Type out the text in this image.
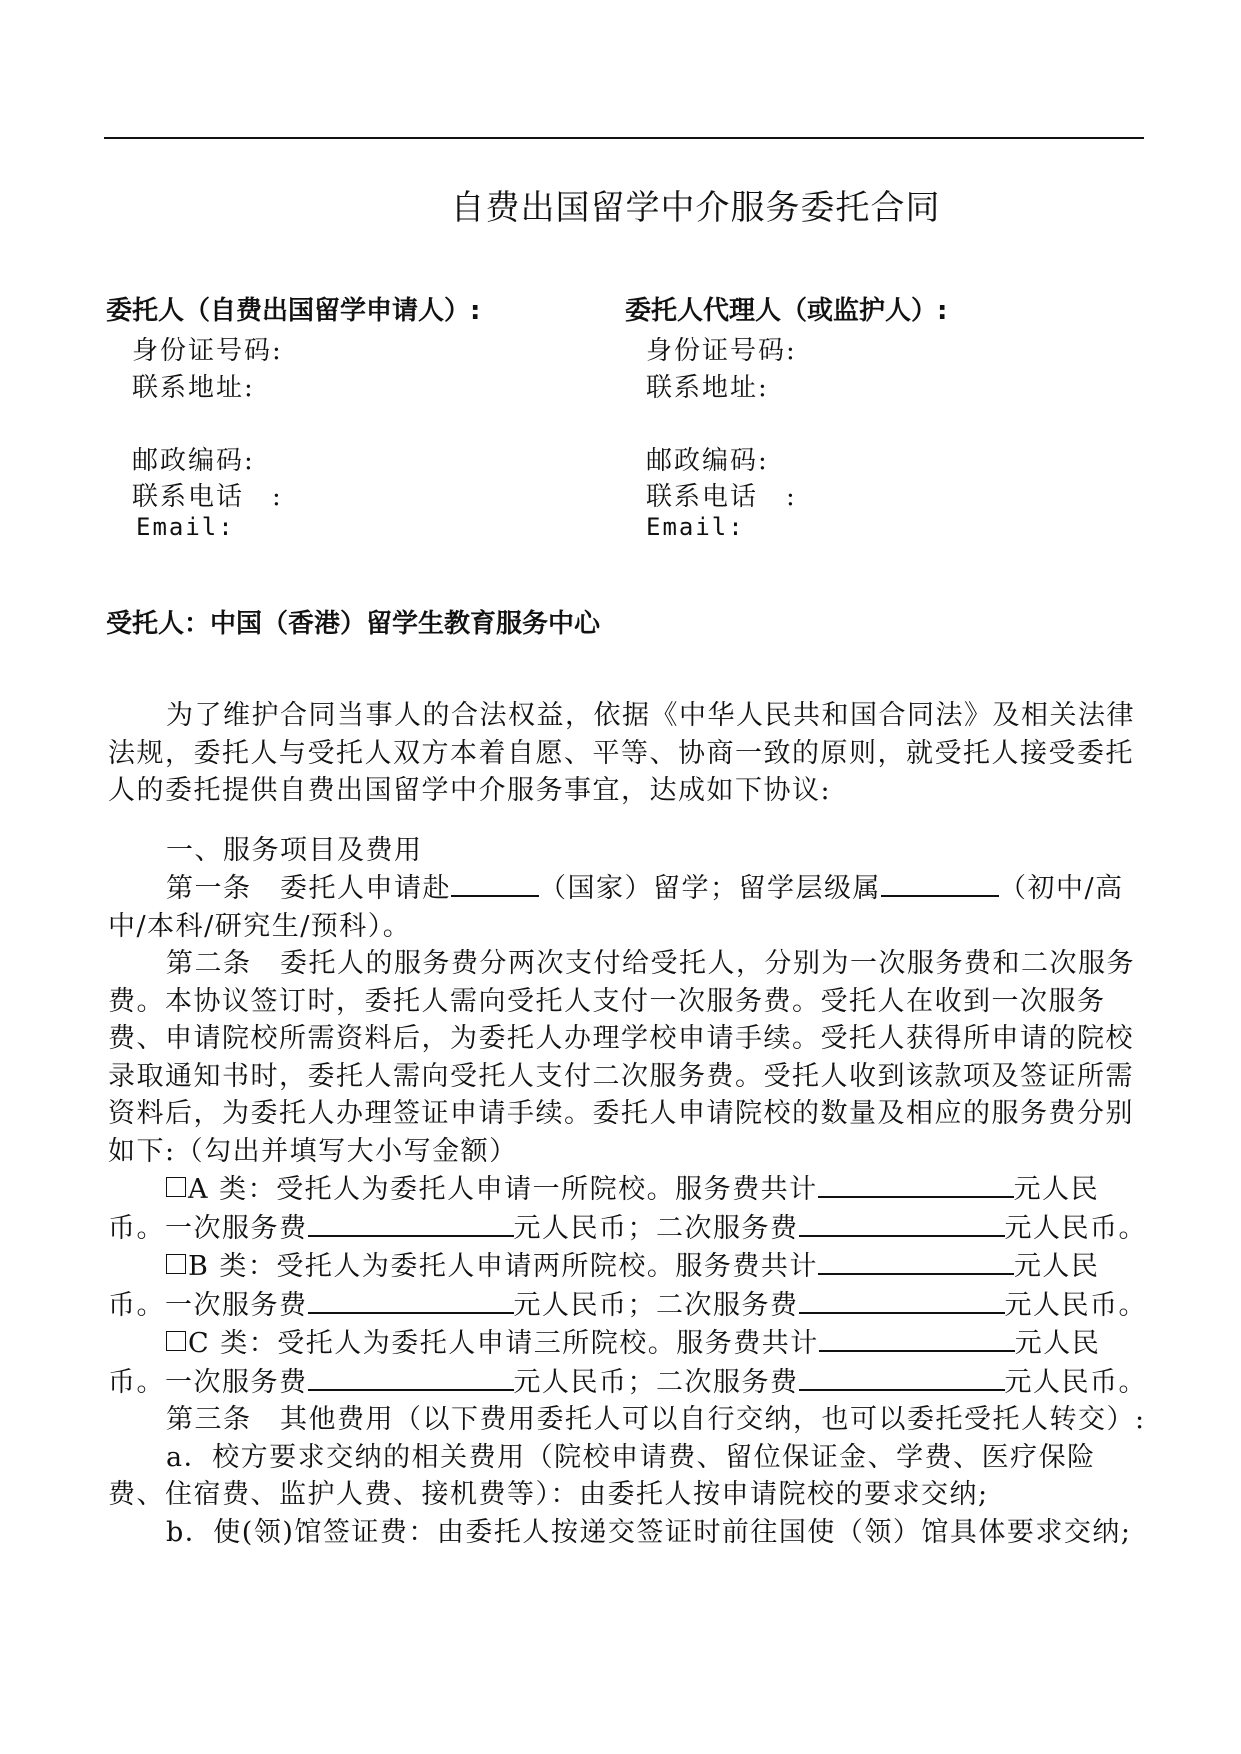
自费出国留学中介服务委托合同
委托人（自费出国留学申请人）:
身份证号码:
联系地址:
邮政编码:
联系电话　:
Email:
委托人代理人（或监护人）:
身份证号码:
联系地址:
邮政编码:
联系电话　:
Email:
受托人：中国（香港）留学生教育服务中心

为了维护合同当事人的合法权益，依据《中华人民共和国合同法》及相关法律法规，委托人与受托人双方本着自愿、平等、协商一致的原则，就受托人接受委托人的委托提供自费出国留学中介服务事宜，达成如下协议:

一、服务项目及费用

第一条　委托人申请赴	（国家）留学；留学层级属	（初中/高中/本科/研究生/预科）。

第二条　委托人的服务费分两次支付给受托人，分别为一次服务费和二次服务费。本协议签订时，委托人需向受托人支付一次服务费。受托人在收到一次服务费、申请院校所需资料后，为委托人办理学校申请手续。受托人获得所申请的院校录取通知书时，委托人需向受托人支付二次服务费。受托人收到该款项及签证所需资料后，为委托人办理签证申请手续。委托人申请院校的数量及相应的服务费分别如下:（勾出并填写大小写金额）

A 类：受托人为委托人申请一所院校。服务费共计	元人民币。一次服务费	元人民币；二次服务费	元人民币。

B 类：受托人为委托人申请两所院校。服务费共计	元人民币。一次服务费	元人民币；二次服务费	元人民币。

C 类：受托人为委托人申请三所院校。服务费共计	元人民币。一次服务费	元人民币；二次服务费	元人民币。

第三条　其他费用（以下费用委托人可以自行交纳，也可以委托受托人转交）:

a．校方要求交纳的相关费用（院校申请费、留位保证金、学费、医疗保险费、住宿费、监护人费、接机费等）：由委托人按申请院校的要求交纳;

b．使(领)馆签证费：由委托人按递交签证时前往国使（领）馆具体要求交纳;
